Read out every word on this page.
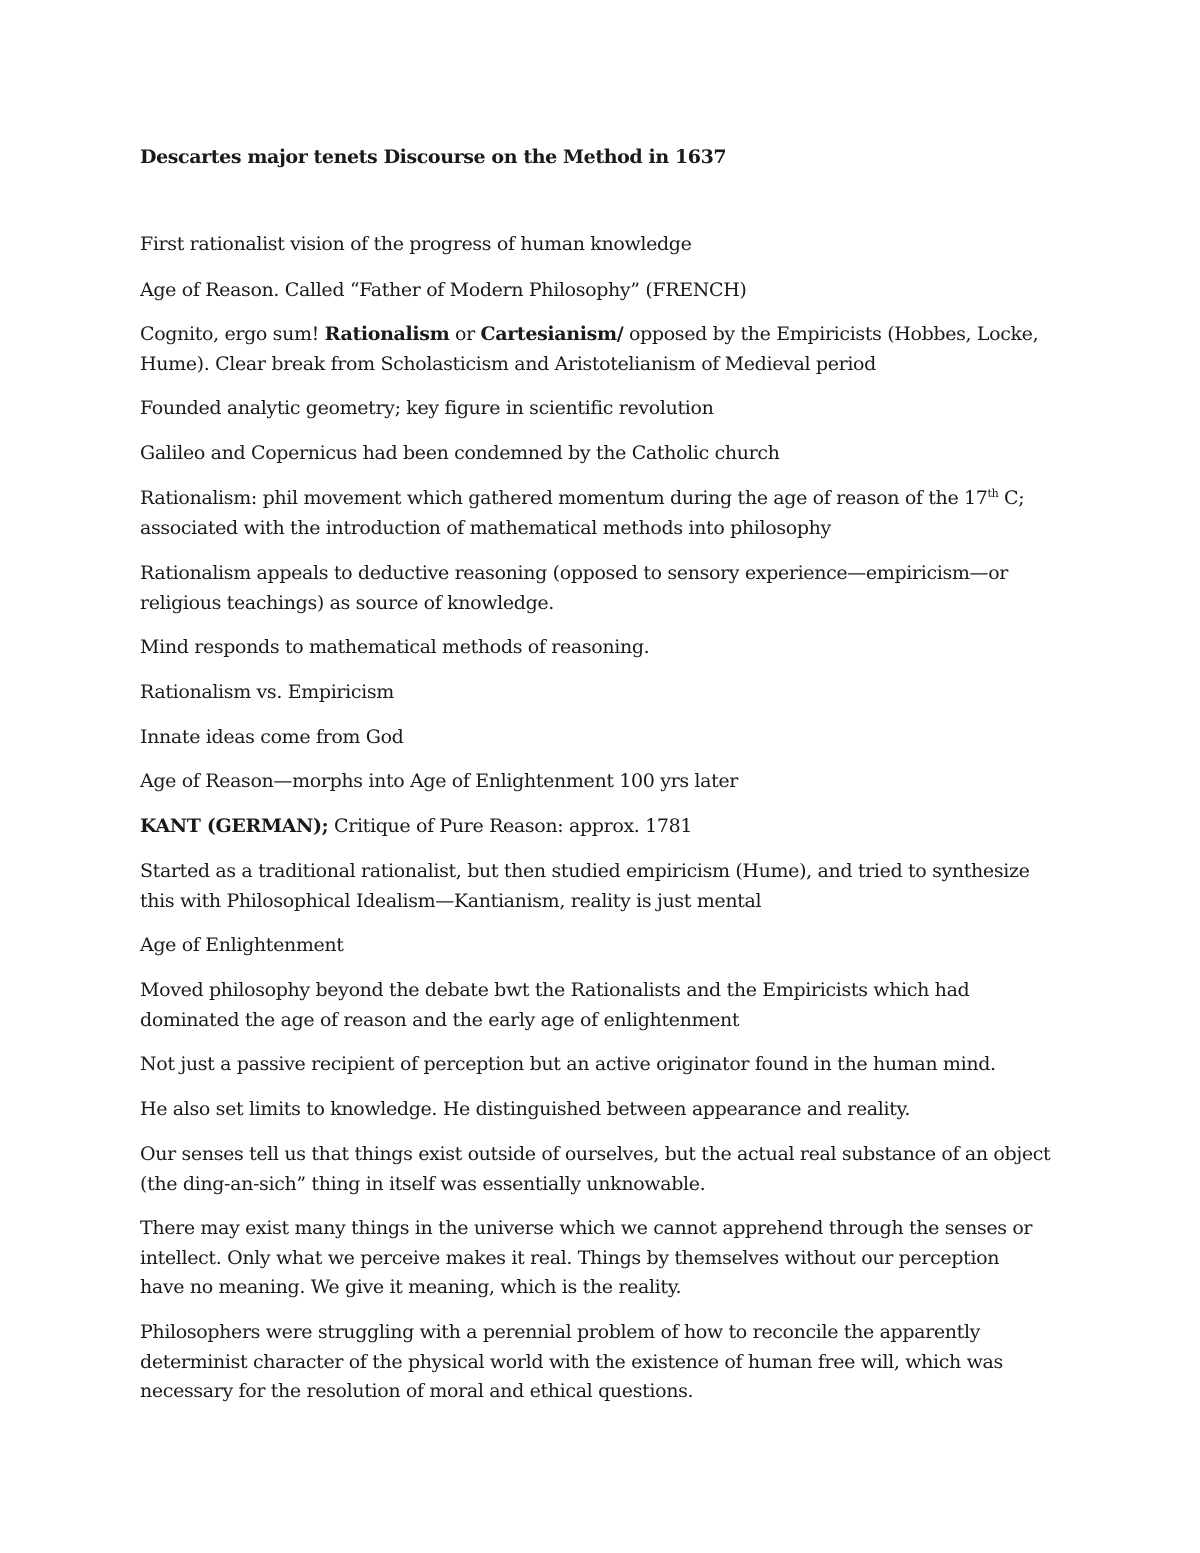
Descartes major tenets Discourse on the Method in 1637

First rationalist vision of the progress of human knowledge

Age of Reason. Called “Father of Modern Philosophy” (FRENCH)

Cognito, ergo sum! Rationalism or Cartesianism/ opposed by the Empiricists (Hobbes, Locke,
Hume). Clear break from Scholasticism and Aristotelianism of Medieval period

Founded analytic geometry; key figure in scientific revolution

Galileo and Copernicus had been condemned by the Catholic church

Rationalism: phil movement which gathered momentum during the age of reason of the 17th C;
associated with the introduction of mathematical methods into philosophy

Rationalism appeals to deductive reasoning (opposed to sensory experience—empiricism—or
religious teachings) as source of knowledge.

Mind responds to mathematical methods of reasoning.

Rationalism vs. Empiricism

Innate ideas come from God

Age of Reason—morphs into Age of Enlightenment 100 yrs later

KANT (GERMAN); Critique of Pure Reason: approx. 1781

Started as a traditional rationalist, but then studied empiricism (Hume), and tried to synthesize
this with Philosophical Idealism—Kantianism, reality is just mental

Age of Enlightenment

Moved philosophy beyond the debate bwt the Rationalists and the Empiricists which had
dominated the age of reason and the early age of enlightenment

Not just a passive recipient of perception but an active originator found in the human mind.

He also set limits to knowledge. He distinguished between appearance and reality.

Our senses tell us that things exist outside of ourselves, but the actual real substance of an object
(the ding-an-sich” thing in itself was essentially unknowable.

There may exist many things in the universe which we cannot apprehend through the senses or
intellect. Only what we perceive makes it real. Things by themselves without our perception
have no meaning. We give it meaning, which is the reality.

Philosophers were struggling with a perennial problem of how to reconcile the apparently
determinist character of the physical world with the existence of human free will, which was
necessary for the resolution of moral and ethical questions.
